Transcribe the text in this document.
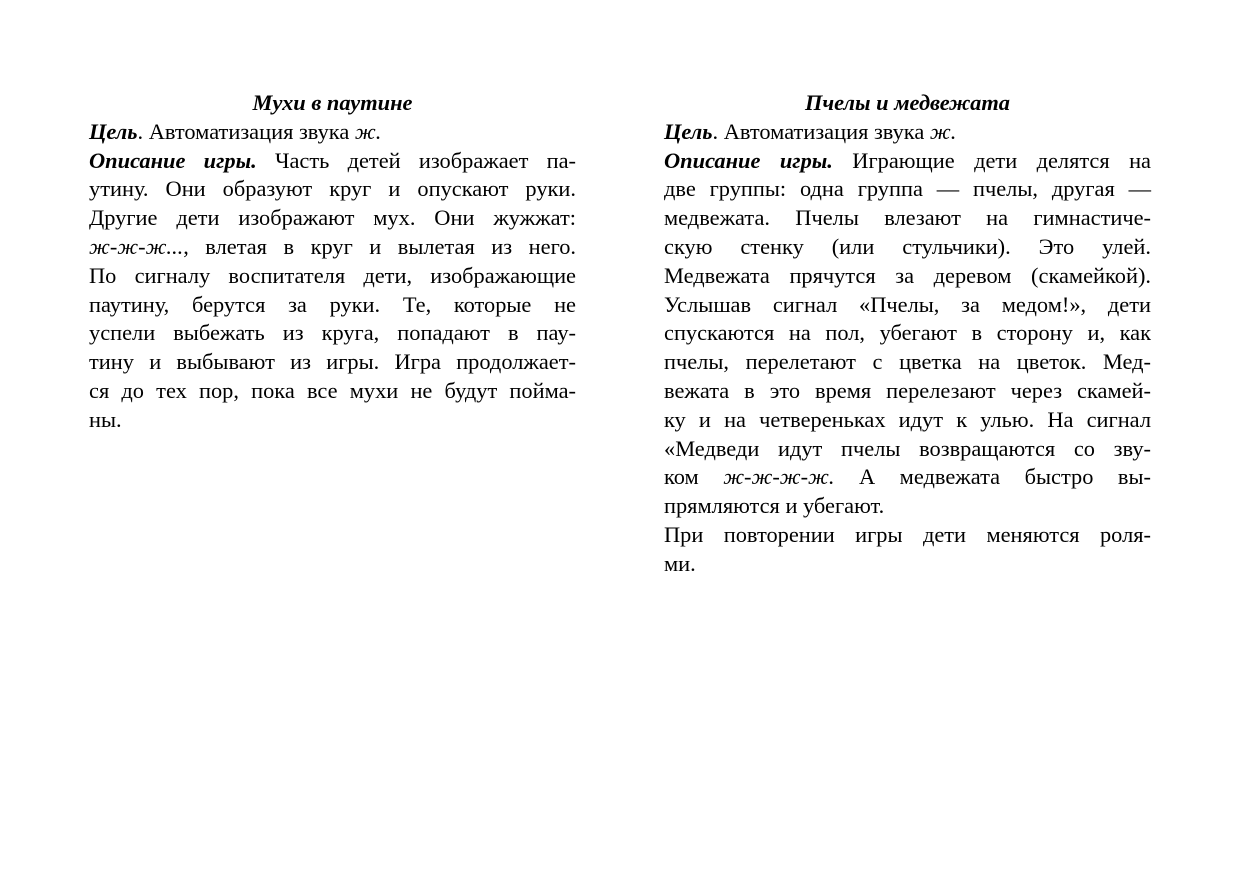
Мухи в паутине
Цель. Автоматизация звука ж.
Описание игры. Часть детей изображает па-
утину. Они образуют круг и опускают руки.
Другие дети изображают мух. Они жужжат:
ж-ж-ж..., влетая в круг и вылетая из него.
По сигналу воспитателя дети, изображающие
паутину, берутся за руки. Те, которые не
успели выбежать из круга, попадают в пау-
тину и выбывают из игры. Игра продолжает-
ся до тех пор, пока все мухи не будут пойма-
ны.
Пчелы и медвежата
Цель. Автоматизация звука ж.
Описание игры. Играющие дети делятся на
две группы: одна группа — пчелы, другая —
медвежата. Пчелы влезают на гимнастиче-
скую стенку (или стульчики). Это улей.
Медвежата прячутся за деревом (скамейкой).
Услышав сигнал «Пчелы, за медом!», дети
спускаются на пол, убегают в сторону и, как
пчелы, перелетают с цветка на цветок. Мед-
вежата в это время перелезают через скамей-
ку и на четвереньках идут к улью. На сигнал
«Медведи идут пчелы возвращаются со зву-
ком ж-ж-ж-ж. А медвежата быстро вы-
прямляются и убегают.
При повторении игры дети меняются роля-
ми.
